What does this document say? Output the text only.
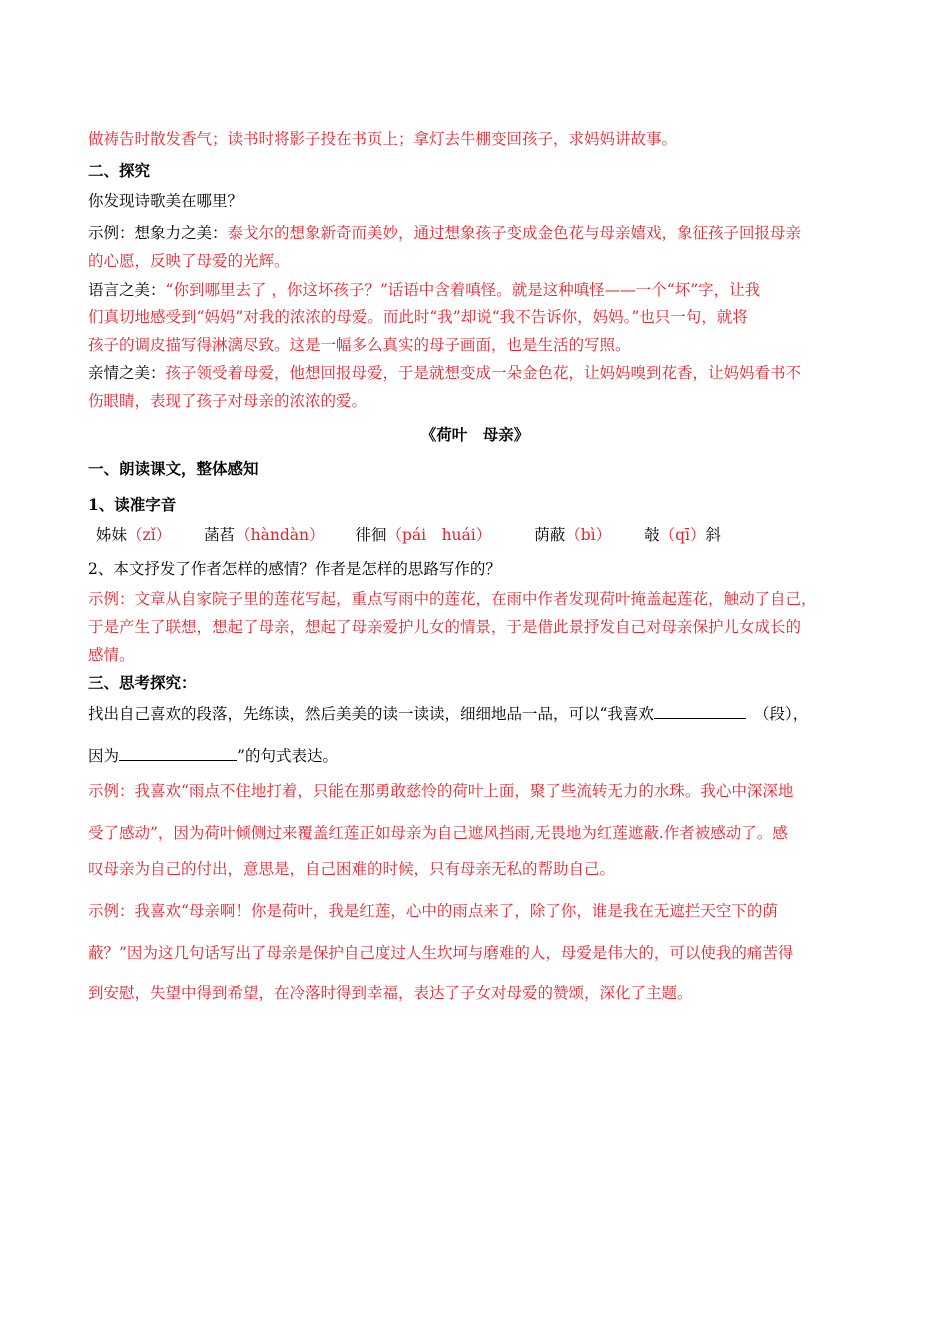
做祷告时散发香气；读书时将影子投在书页上；拿灯去牛棚变回孩子，求妈妈讲故事。
二、探究
你发现诗歌美在哪里？
示例：想象力之美：泰戈尔的想象新奇而美妙，通过想象孩子变成金色花与母亲嬉戏，象征孩子回报母亲
的心愿，反映了母爱的光辉。
语言之美：“你到哪里去了 ，你这坏孩子？”话语中含着嗔怪。就是这种嗔怪——一个“坏”字，让我
们真切地感受到“妈妈”对我的浓浓的母爱。而此时“我”却说“我不告诉你，妈妈。”也只一句，就将
孩子的调皮描写得淋漓尽致。这是一幅多么真实的母子画面，也是生活的写照。
亲情之美：孩子领受着母爱，他想回报母爱，于是就想变成一朵金色花，让妈妈嗅到花香，让妈妈看书不
伤眼睛，表现了孩子对母亲的浓浓的爱。
《荷叶　母亲》
一、朗读课文，整体感知
1、读准字音
姊妹（zǐ） 菡萏（hàndàn） 徘徊（pái　huái）	荫蔽（bì） 攲（qī）斜
2、本文抒发了作者怎样的感情？作者是怎样的思路写作的？
示例：文章从自家院子里的莲花写起，重点写雨中的莲花，在雨中作者发现荷叶掩盖起莲花，触动了自己，
于是产生了联想，想起了母亲，想起了母亲爱护儿女的情景，于是借此景抒发自己对母亲保护儿女成长的
感情。
三、思考探究：
找出自己喜欢的段落，先练读，然后美美的读一读读，细细地品一品，可以“我喜欢	（段），
因为	”的句式表达。
示例：我喜欢“雨点不住地打着，只能在那勇敢慈怜的荷叶上面，聚了些流转无力的水珠。我心中深深地
受了感动”，因为荷叶倾侧过来覆盖红莲正如母亲为自己遮风挡雨,无畏地为红莲遮蔽.作者被感动了。感
叹母亲为自己的付出，意思是，自己困难的时候，只有母亲无私的帮助自己。
示例：我喜欢“母亲啊！你是荷叶，我是红莲，心中的雨点来了，除了你，谁是我在无遮拦天空下的荫
蔽？”因为这几句话写出了母亲是保护自己度过人生坎坷与磨难的人，母爱是伟大的，可以使我的痛苦得
到安慰，失望中得到希望，在冷落时得到幸福，表达了子女对母爱的赞颂，深化了主题。
